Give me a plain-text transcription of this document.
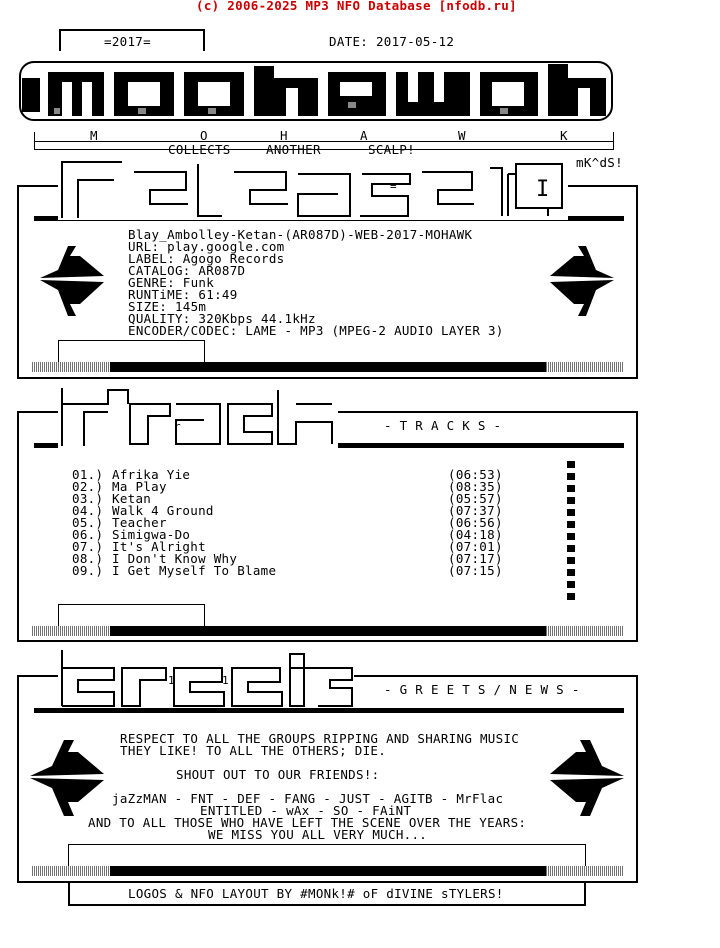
(c) 2006-2025 MP3 NFO Database [nfodb.ru]
=2017=	DATE: 2017-05-12
mohawk
M	O	H	A	W	K
COLLECTS	ANOTHER	SCALP!
mK^dS!
I
=
Blay_Ambolley-Ketan-(AR087D)-WEB-2017-MOHAWK
URL: play.google.com
LABEL: Agogo Records
CATALOG: AR087D
GENRE: Funk
RUNTiME: 61:49
SIZE: 145m
QUALITY: 320Kbps 44.1kHz
ENCODER/CODEC: LAME - MP3 (MPEG-2 AUDIO LAYER 3)
r	- T R A C K S -
01.) Afrika Yie	(06:53)
02.) Ma Play	(08:35)
03.) Ketan	(05:57)
04.) Walk 4 Ground	(07:37)
05.) Teacher	(06:56)
06.) Simigwa-Do	(04:18)
07.) It's Alright	(07:01)
08.) I Don't Know Why	(07:17)
09.) I Get Myself To Blame	(07:15)
1	1
- G R E E T S / N E W S -
RESPECT TO ALL THE GROUPS RIPPING AND SHARING MUSIC
THEY LIKE! TO ALL THE OTHERS; DIE.
SHOUT OUT TO OUR FRIENDS!:
jaZzMAN - FNT - DEF - FANG - JUST - AGITB - MrFlac
ENTITLED - wAx - SO - FAiNT
AND TO ALL THOSE WHO HAVE LEFT THE SCENE OVER THE YEARS:
WE MISS YOU ALL VERY MUCH...
LOGOS & NFO LAYOUT BY #MONk!# oF dIVINE sTYLERS!
